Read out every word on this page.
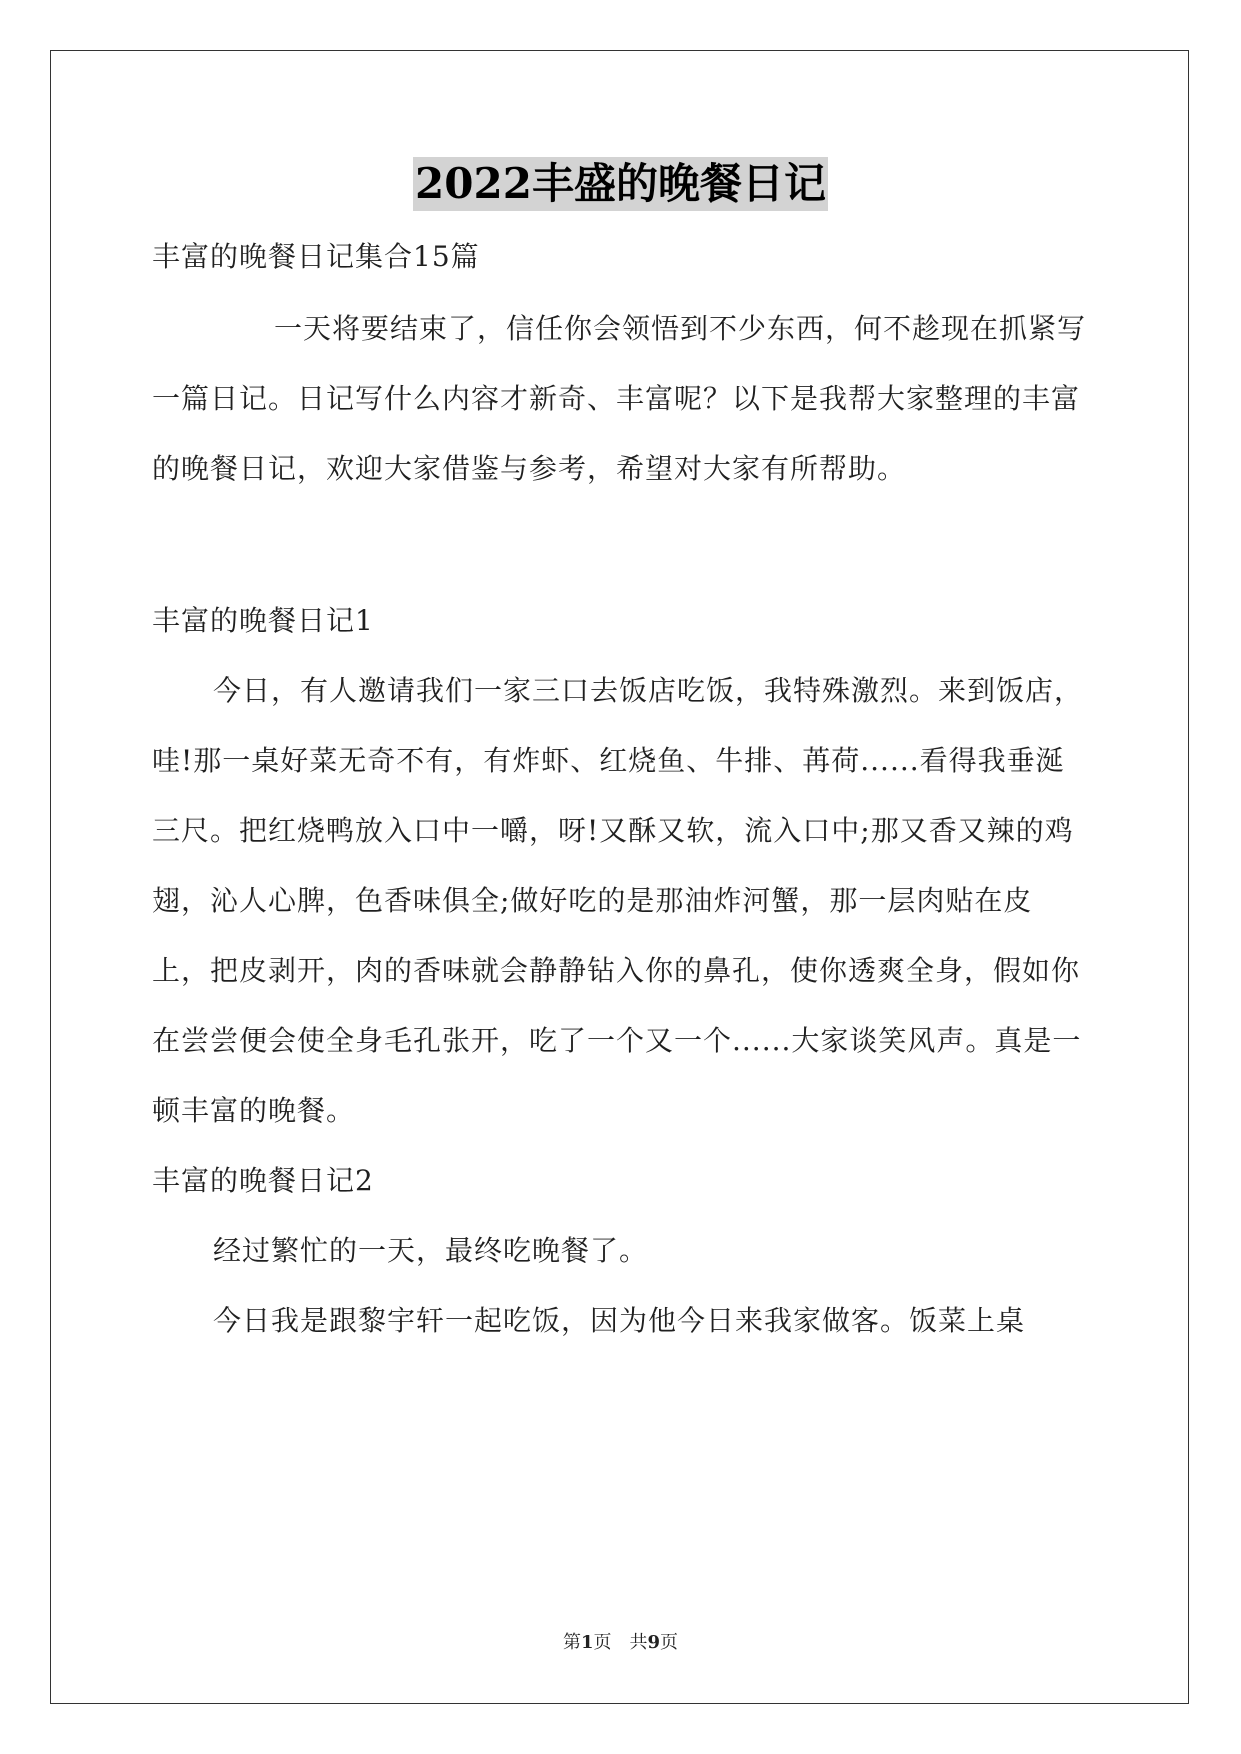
2022丰盛的晚餐日记

丰富的晚餐日记集合15篇

一天将要结束了，信任你会领悟到不少东西，何不趁现在抓紧写一篇日记。日记写什么内容才新奇、丰富呢？以下是我帮大家整理的丰富的晚餐日记，欢迎大家借鉴与参考，希望对大家有所帮助。

丰富的晚餐日记1

今日，有人邀请我们一家三口去饭店吃饭，我特殊激烈。来到饭店，哇!那一桌好菜无奇不有，有炸虾、红烧鱼、牛排、苒荷......看得我垂涎三尺。把红烧鸭放入口中一嚼，呀!又酥又软，流入口中;那又香又辣的鸡翅，沁人心脾，色香味俱全;做好吃的是那油炸河蟹，那一层肉贴在皮上，把皮剥开，肉的香味就会静静钻入你的鼻孔，使你透爽全身，假如你在尝尝便会使全身毛孔张开，吃了一个又一个......大家谈笑风声。真是一顿丰富的晚餐。

丰富的晚餐日记2

经过繁忙的一天，最终吃晚餐了。

今日我是跟黎宇轩一起吃饭，因为他今日来我家做客。饭菜上桌

第1页　共9页
